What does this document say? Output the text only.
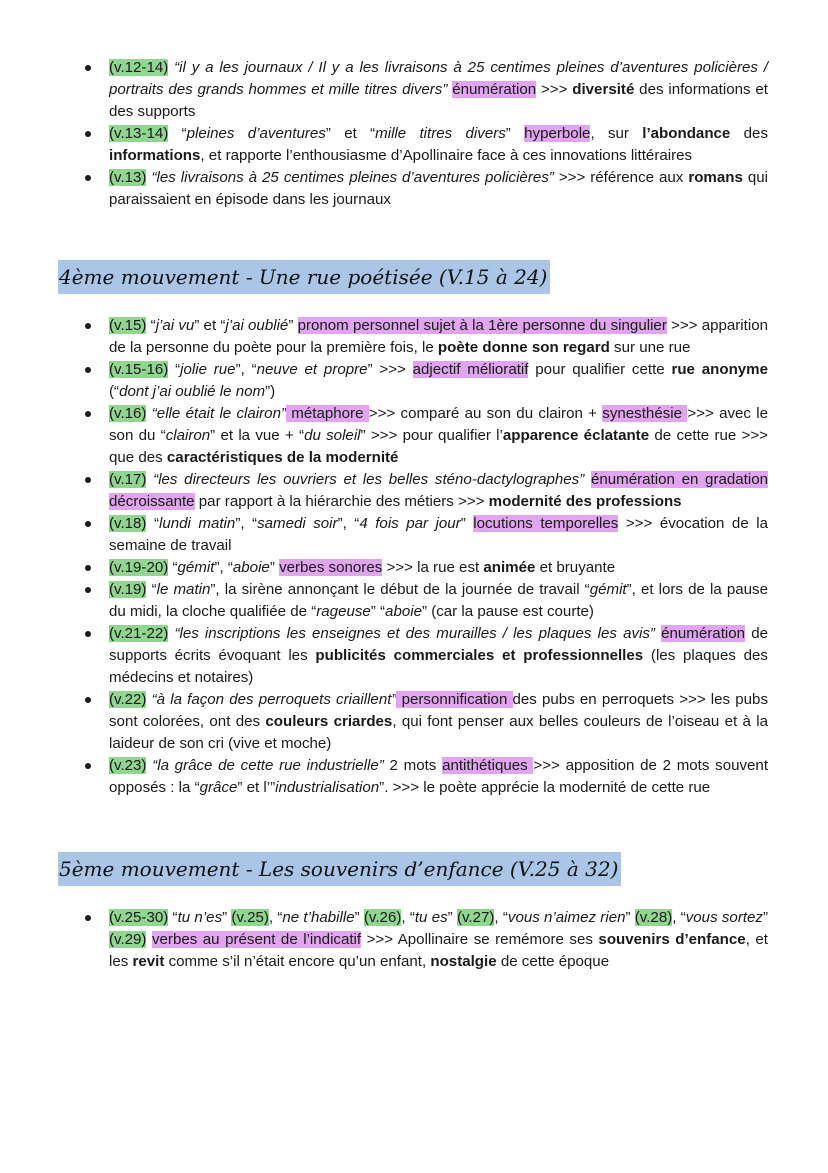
(v.12-14) “il y a les journaux / Il y a les livraisons à 25 centimes pleines d’aventures policières / portraits des grands hommes et mille titres divers” énumération >>> diversité des informations et des supports
(v.13-14) “pleines d’aventures” et “mille titres divers” hyperbole, sur l’abondance des informations, et rapporte l’enthousiasme d’Apollinaire face à ces innovations littéraires
(v.13) “les livraisons à 25 centimes pleines d’aventures policières” >>> référence aux romans qui paraissaient en épisode dans les journaux
4ème mouvement - Une rue poétisée (V.15 à 24)
(v.15) “j’ai vu” et “j’ai oublié” pronom personnel sujet à la 1ère personne du singulier >>> apparition de la personne du poète pour la première fois, le poète donne son regard sur une rue
(v.15-16) “jolie rue”, “neuve et propre” >>> adjectif mélioratif pour qualifier cette rue anonyme (“dont j’ai oublié le nom”)
(v.16) “elle était le clairon” métaphore >>> comparé au son du clairon + synesthésie >>> avec le son du “clairon” et la vue + “du soleil” >>> pour qualifier l’apparence éclatante de cette rue >>> que des caractéristiques de la modernité
(v.17) “les directeurs les ouvriers et les belles sténo-dactylographes” énumération en gradation décroissante par rapport à la hiérarchie des métiers >>> modernité des professions
(v.18) “lundi matin”, “samedi soir”, “4 fois par jour” locutions temporelles >>> évocation de la semaine de travail
(v.19-20) “gémit”, “aboie” verbes sonores >>> la rue est animée et bruyante
(v.19) “le matin”, la sirène annonçant le début de la journée de travail “gémit”, et lors de la pause du midi, la cloche qualifiée de “rageuse” “aboie” (car la pause est courte)
(v.21-22) “les inscriptions les enseignes et des murailles / les plaques les avis” énumération de supports écrits évoquant les publicités commerciales et professionnelles (les plaques des médecins et notaires)
(v.22) “à la façon des perroquets criaillent” personnification des pubs en perroquets >>> les pubs sont colorées, ont des couleurs criardes, qui font penser aux belles couleurs de l’oiseau et à la laideur de son cri (vive et moche)
(v.23) “la grâce de cette rue industrielle” 2 mots antithétiques >>> apposition de 2 mots souvent opposés : la “grâce” et l’”industrialisation”. >>> le poète apprécie la modernité de cette rue
5ème mouvement - Les souvenirs d’enfance (V.25 à 32)
(v.25-30) “tu n’es” (v.25), “ne t’habille” (v.26), “tu es” (v.27), “vous n’aimez rien” (v.28), “vous sortez” (v.29) verbes au présent de l’indicatif >>> Apollinaire se remémore ses souvenirs d’enfance, et les revit comme s’il n’était encore qu’un enfant, nostalgie de cette époque
